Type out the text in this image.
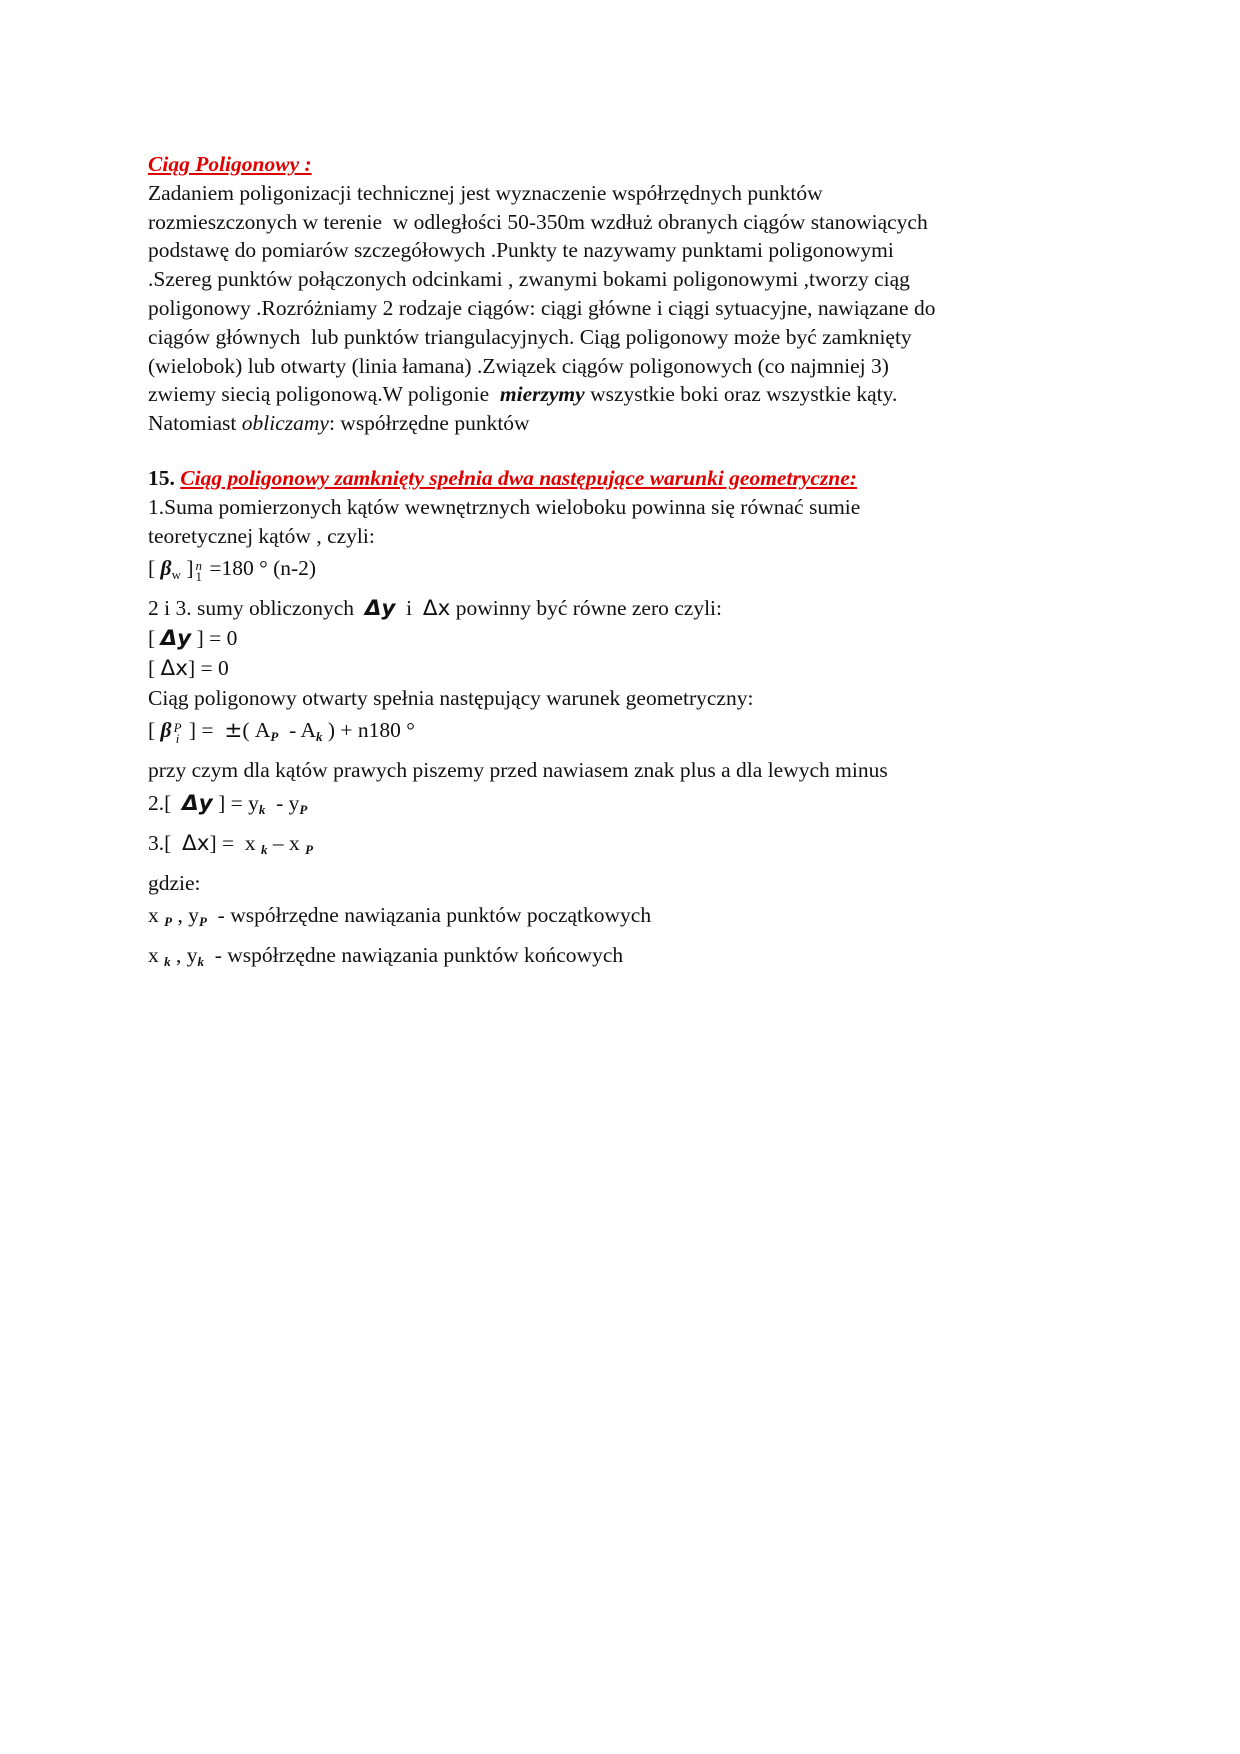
Ciąg Poligonowy :
Zadaniem poligonizacji technicznej jest wyznaczenie współrzędnych punktów
rozmieszczonych w terenie  w odległości 50-350m wzdłuż obranych ciągów stanowiących
podstawę do pomiarów szczegółowych .Punkty te nazywamy punktami poligonowymi
.Szereg punktów połączonych odcinkami , zwanymi bokami poligonowymi ,tworzy ciąg
poligonowy .Rozróżniamy 2 rodzaje ciągów: ciągi główne i ciągi sytuacyjne, nawiązane do
ciągów głównych  lub punktów triangulacyjnych. Ciąg poligonowy może być zamknięty
(wielobok) lub otwarty (linia łamana) .Związek ciągów poligonowych (co najmniej 3)
zwiemy siecią poligonową.W poligonie  mierzymy wszystkie boki oraz wszystkie kąty.
Natomiast obliczamy: współrzędne punktów
15. Ciąg poligonowy zamknięty spełnia dwa następujące warunki geometryczne:
1.Suma pomierzonych kątów wewnętrznych wieloboku powinna się równać sumie
teoretycznej kątów , czyli:
[ $\beta_w$ ] n
1 =180 ° (n-2)
2 i 3. sumy obliczonych  Δy  i  Δx powinny być równe zero czyli:
[ Δy ] = 0
[ Δx] = 0
Ciąg poligonowy otwarty spełnia następujący warunek geometryczny:
[ β P
i ] =  ±( $A_P - A_k$ ) + n180 °
przy czym dla kątów prawych piszemy przed nawiasem znak plus a dla lewych minus
2.[  Δy ] = $y_k - y_P$
3.[  Δx] =  x $_k$ – x $_P$
gdzie:
x $_P$ , $y_P$  - współrzędne nawiązania punktów początkowych
x $_k$ , $y_k$  - współrzędne nawiązania punktów końcowych
